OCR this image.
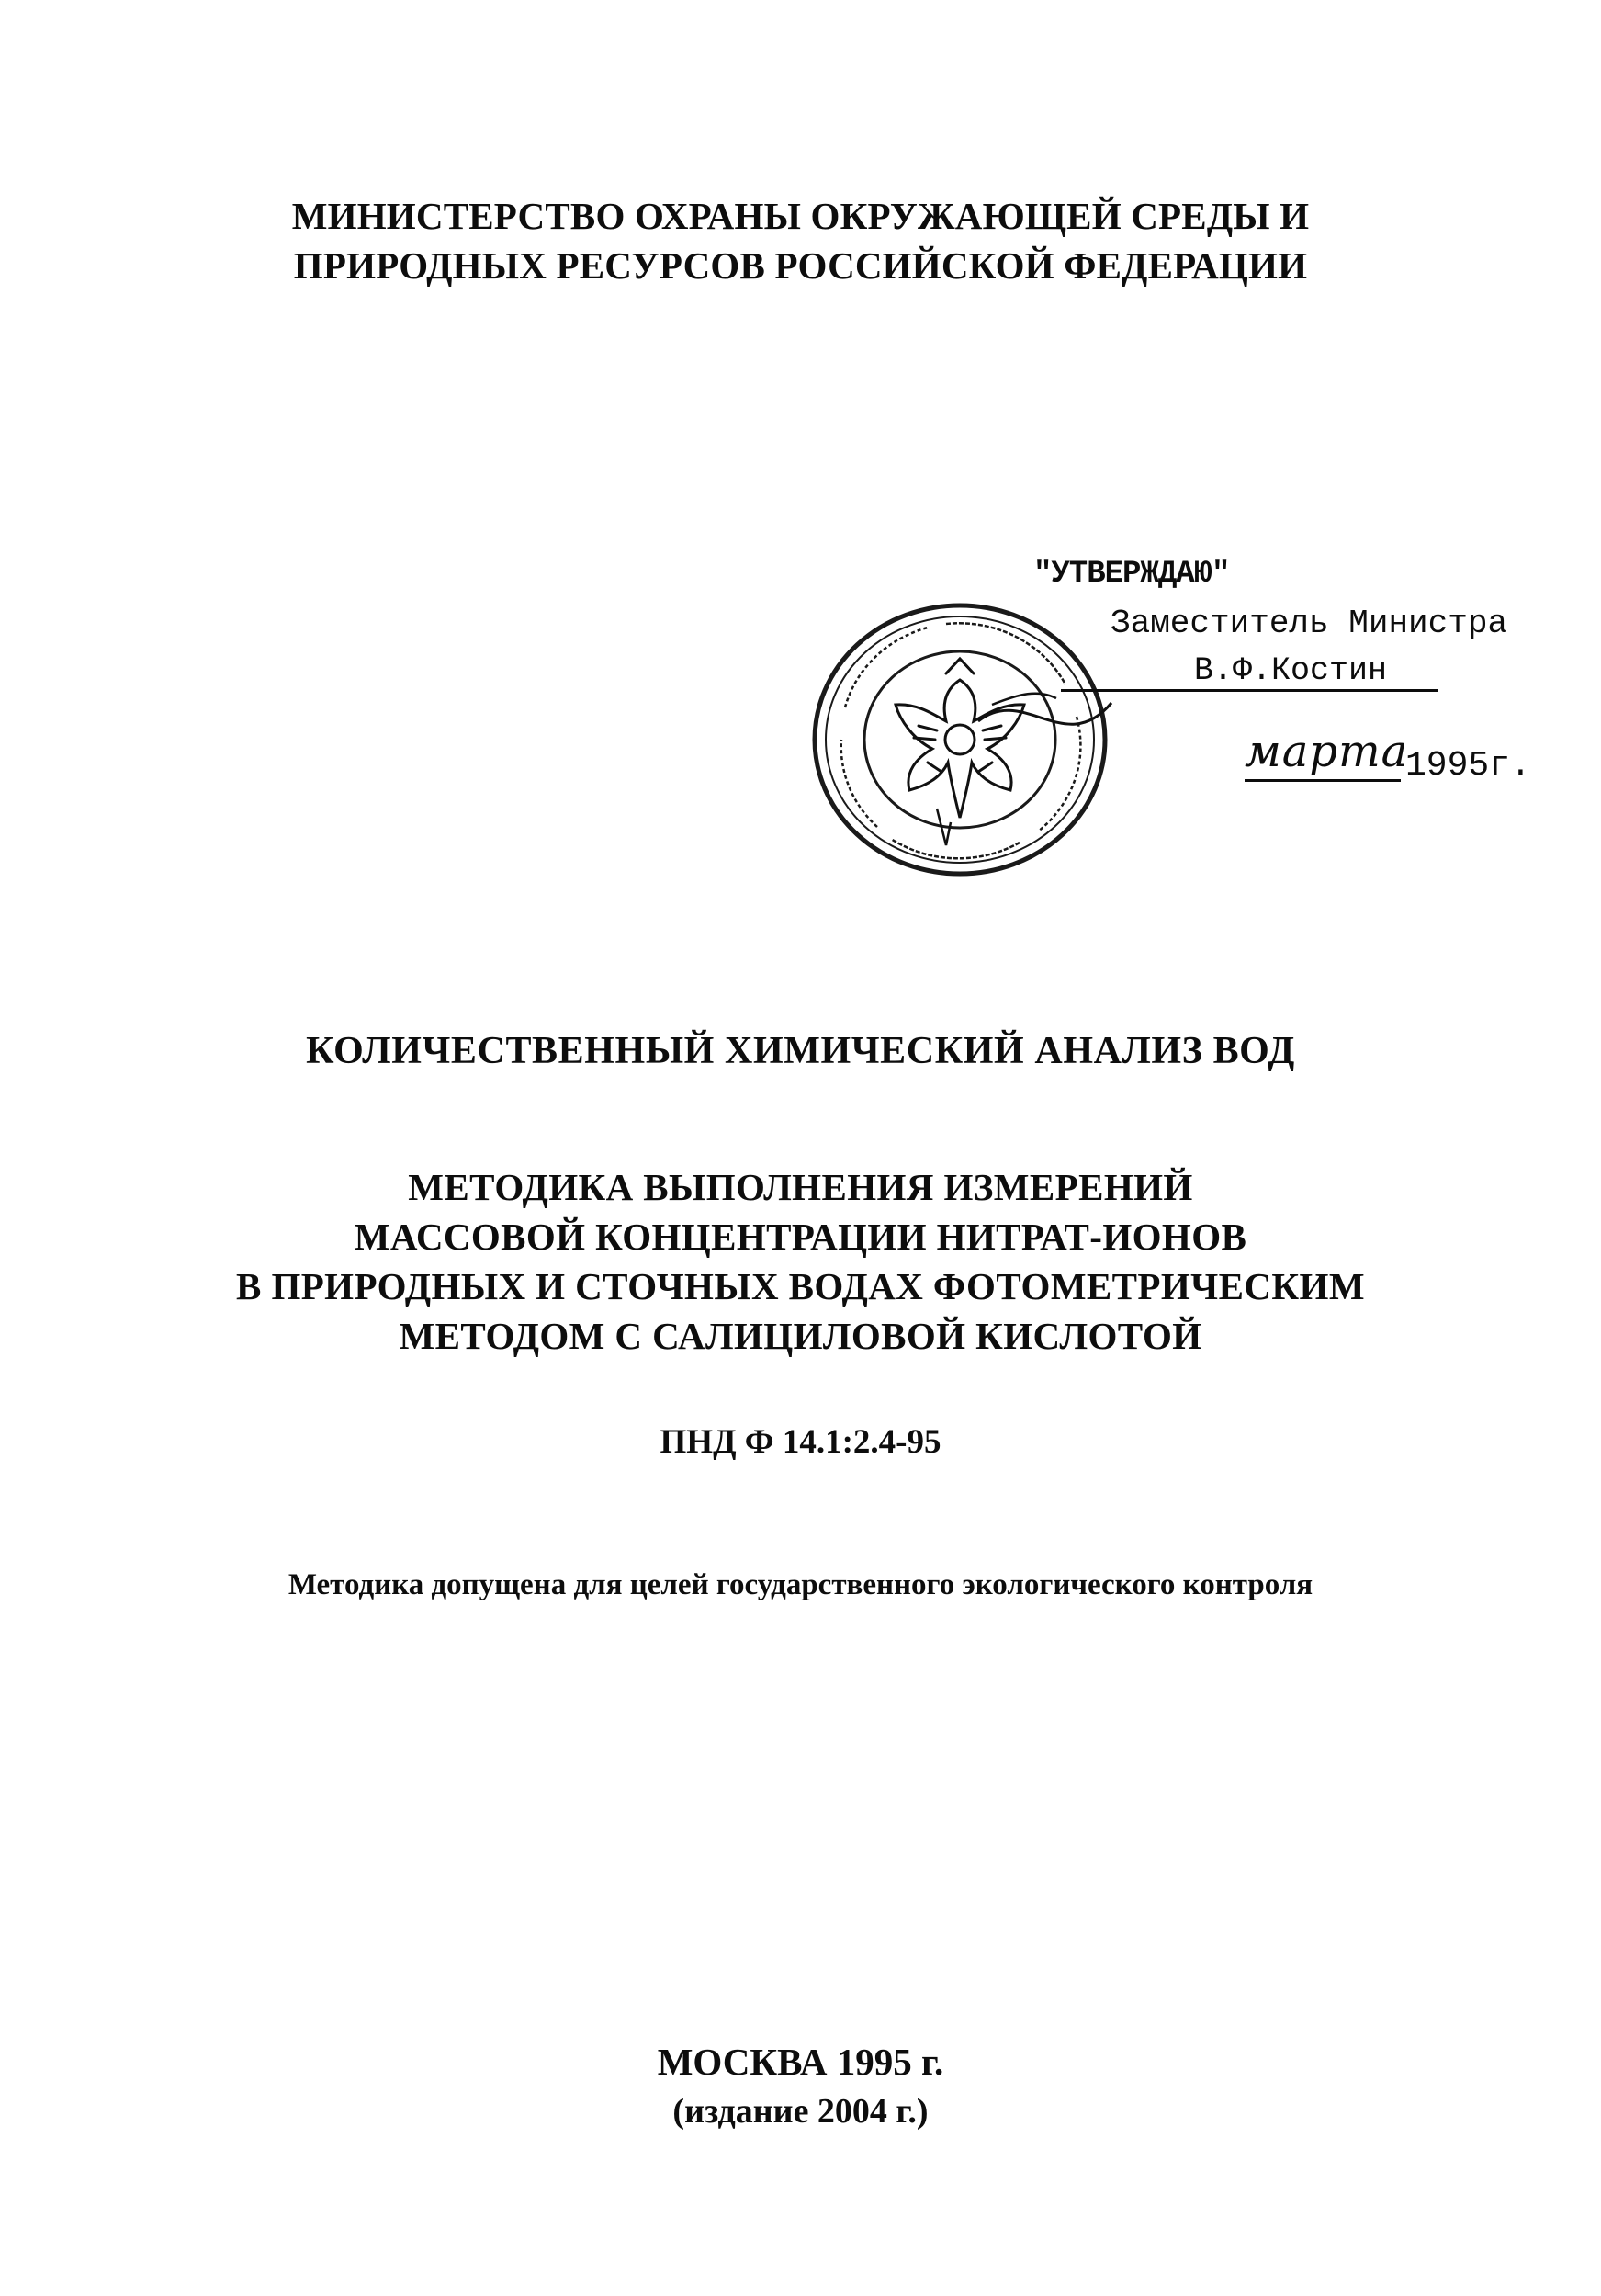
МИНИСТЕРСТВО ОХРАНЫ ОКРУЖАЮЩЕЙ СРЕДЫ И
ПРИРОДНЫХ РЕСУРСОВ РОССИЙСКОЙ ФЕДЕРАЦИИ
"УТВЕРЖДАЮ"
Заместитель Министра
В.Ф.Костин
марта
1995г.
КОЛИЧЕСТВЕННЫЙ ХИМИЧЕСКИЙ АНАЛИЗ ВОД
МЕТОДИКА ВЫПОЛНЕНИЯ ИЗМЕРЕНИЙ
МАССОВОЙ КОНЦЕНТРАЦИИ НИТРАТ-ИОНОВ
В ПРИРОДНЫХ И СТОЧНЫХ ВОДАХ ФОТОМЕТРИЧЕСКИМ
МЕТОДОМ С САЛИЦИЛОВОЙ КИСЛОТОЙ
ПНД Ф 14.1:2.4-95
Методика допущена для целей государственного экологического контроля
МОСКВА 1995 г.
(издание 2004 г.)
